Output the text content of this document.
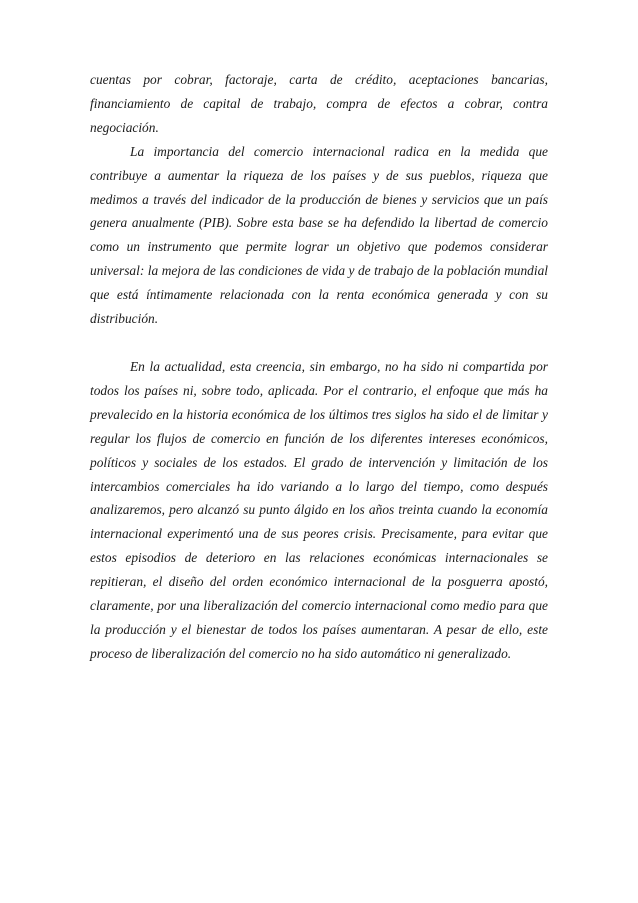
cuentas por cobrar, factoraje, carta de crédito, aceptaciones bancarias, financiamiento de capital de trabajo, compra de efectos a cobrar, contra negociación.

La importancia del comercio internacional radica en la medida que contribuye a aumentar la riqueza de los países y de sus pueblos, riqueza que medimos a través del indicador de la producción de bienes y servicios que un país genera anualmente (PIB). Sobre esta base se ha defendido la libertad de comercio como un instrumento que permite lograr un objetivo que podemos considerar universal: la mejora de las condiciones de vida y de trabajo de la población mundial que está íntimamente relacionada con la renta económica generada y con su distribución.

En la actualidad, esta creencia, sin embargo, no ha sido ni compartida por todos los países ni, sobre todo, aplicada. Por el contrario, el enfoque que más ha prevalecido en la historia económica de los últimos tres siglos ha sido el de limitar y regular los flujos de comercio en función de los diferentes intereses económicos, políticos y sociales de los estados. El grado de intervención y limitación de los intercambios comerciales ha ido variando a lo largo del tiempo, como después analizaremos, pero alcanzó su punto álgido en los años treinta cuando la economía internacional experimentó una de sus peores crisis. Precisamente, para evitar que estos episodios de deterioro en las relaciones económicas internacionales se repitieran, el diseño del orden económico internacional de la posguerra apostó, claramente, por una liberalización del comercio internacional como medio para que la producción y el bienestar de todos los países aumentaran. A pesar de ello, este proceso de liberalización del comercio no ha sido automático ni generalizado.
